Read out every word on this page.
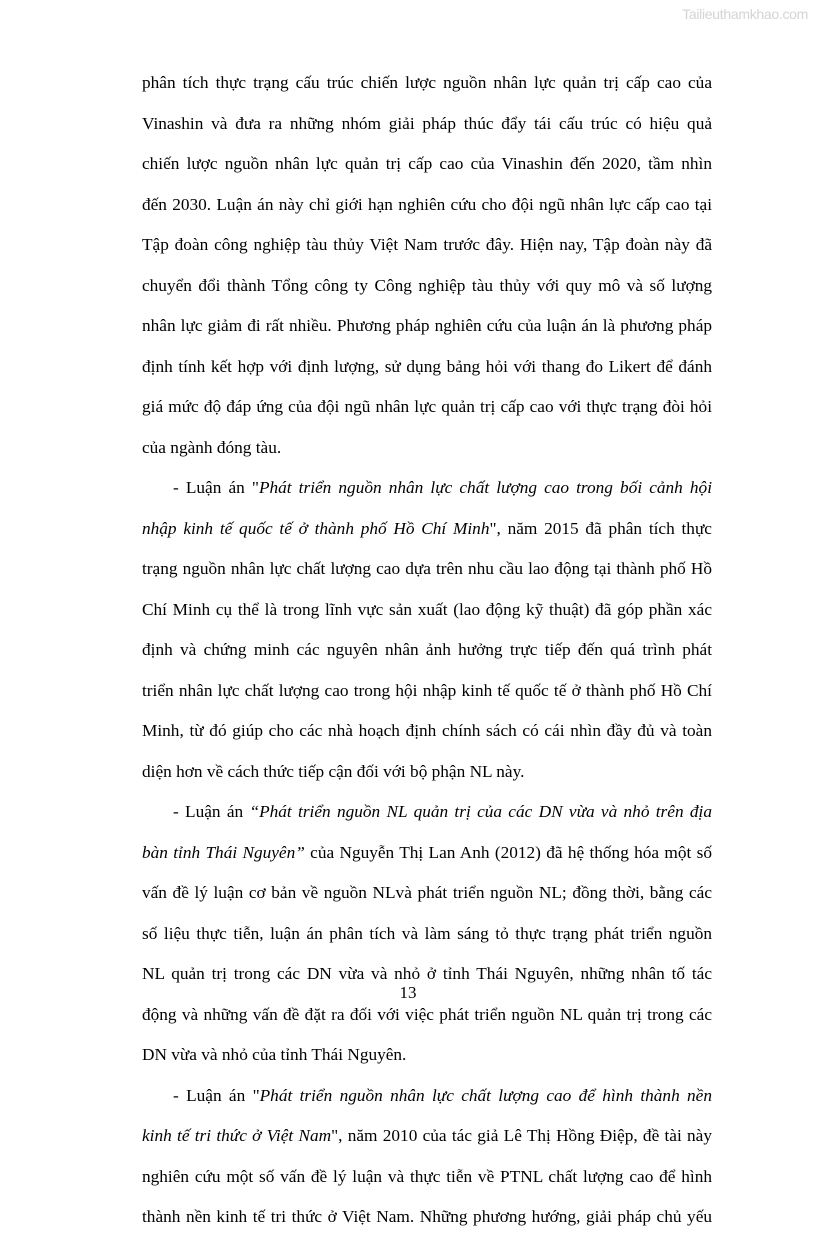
Tailieuthamkhao.com
phân tích thực trạng cấu trúc chiến lược nguồn nhân lực quản trị cấp cao của
Vinashin và đưa ra những nhóm giải pháp thúc đẩy tái cấu trúc có hiệu quả
chiến lược nguồn nhân lực quản trị cấp cao của Vinashin đến 2020, tầm nhìn
đến 2030. Luận án này chỉ giới hạn nghiên cứu cho đội ngũ nhân lực cấp cao tại
Tập đoàn công nghiệp tàu thủy Việt Nam trước đây. Hiện nay, Tập đoàn này đã
chuyển đổi thành Tổng công ty Công nghiệp tàu thủy với quy mô và số lượng
nhân lực giảm đi rất nhiều. Phương pháp nghiên cứu của luận án là phương pháp
định tính kết hợp với định lượng, sử dụng bảng hỏi với thang đo Likert để đánh
giá mức độ đáp ứng của đội ngũ nhân lực quản trị cấp cao với thực trạng đòi hỏi
của ngành đóng tàu.
- Luận án "Phát triển nguồn nhân lực chất lượng cao trong bối cảnh hội
nhập kinh tế quốc tế ở thành phố Hồ Chí Minh", năm 2015 đã phân tích thực
trạng nguồn nhân lực chất lượng cao dựa trên nhu cầu lao động tại thành phố Hồ
Chí Minh cụ thể là trong lĩnh vực sản xuất (lao động kỹ thuật) đã góp phần xác
định và chứng minh các nguyên nhân ảnh hưởng trực tiếp đến quá trình phát
triển nhân lực chất lượng cao trong hội nhập kinh tế quốc tế ở thành phố Hồ Chí
Minh, từ đó giúp cho các nhà hoạch định chính sách có cái nhìn đầy đủ và toàn
diện hơn về cách thức tiếp cận đối với bộ phận NL này.
- Luận án “Phát triển nguồn NL quản trị của các DN vừa và nhỏ trên địa
bàn tỉnh Thái Nguyên” của Nguyễn Thị Lan Anh (2012) đã hệ thống hóa một số
vấn đề lý luận cơ bản về nguồn NLvà phát triển nguồn NL; đồng thời, bằng các
số liệu thực tiễn, luận án phân tích và làm sáng tỏ thực trạng phát triển nguồn
NL quản trị trong các DN vừa và nhỏ ở tỉnh Thái Nguyên, những nhân tố tác
động và những vấn đề đặt ra đối với việc phát triển nguồn NL quản trị trong các
DN vừa và nhỏ của tỉnh Thái Nguyên.
- Luận án "Phát triển nguồn nhân lực chất lượng cao để hình thành nền
kinh tế tri thức ở Việt Nam", năm 2010 của tác giả Lê Thị Hồng Điệp, đề tài này
nghiên cứu một số vấn đề lý luận và thực tiễn về PTNL chất lượng cao để hình
thành nền kinh tế tri thức ở Việt Nam. Những phương hướng, giải pháp chủ yếu
13
